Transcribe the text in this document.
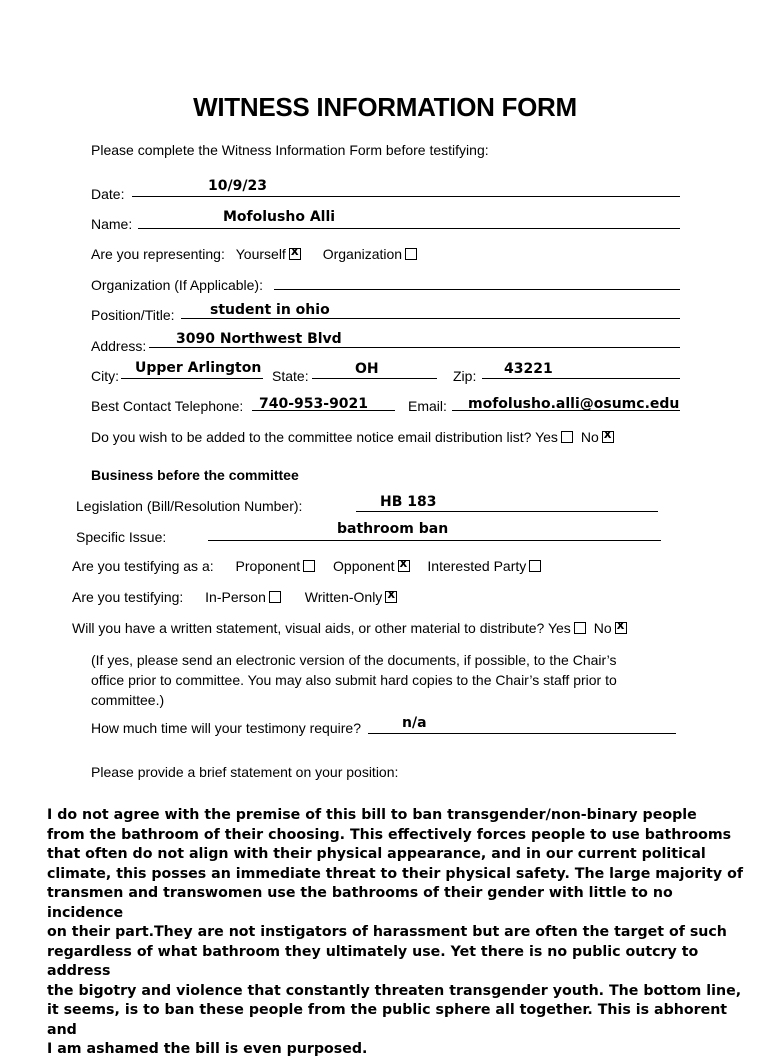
WITNESS INFORMATION FORM
Please complete the Witness Information Form before testifying:
Date:	10/9/23
Name:	Mofolusho Alli
Are you representing: Yourself x	Organization
Organization (If Applicable):
Position/Title:	student in ohio
Address: 3090 Northwest Blvd
City: Upper Arlington State:	OH	Zip: 43221
Best Contact Telephone: 740-953-9021	Email: mofolusho.alli@osumc.edu
Do you wish to be added to the committee notice email distribution list? Yes Nox
Business before the committee
Legislation (Bill/Resolution Number):	HB 183
Specific Issue:	bathroom ban
Are you testifying as a: Proponent Opponent x Interested Party
Are you testifying: In-Person	Written-Onlyx
Will you have a written statement, visual aids, or other material to distribute? Yes Nox
(If yes, please send an electronic version of the documents, if possible, to the Chair’s
office prior to committee. You may also submit hard copies to the Chair’s staff prior to
committee.)
How much time will your testimony require?	n/a
Please provide a brief statement on your position:
I do not agree with the premise of this bill to ban transgender/non-binary people
from the bathroom of their choosing. This effectively forces people to use bathrooms
that often do not align with their physical appearance, and in our current political
climate, this posses an immediate threat to their physical safety. The large majority of
transmen and transwomen use the bathrooms of their gender with little to no incidence
on their part.They are not instigators of harassment but are often the target of such
regardless of what bathroom they ultimately use. Yet there is no public outcry to address
the bigotry and violence that constantly threaten transgender youth. The bottom line,
it seems, is to ban these people from the public sphere all together. This is abhorent and
I am ashamed the bill is even purposed.
